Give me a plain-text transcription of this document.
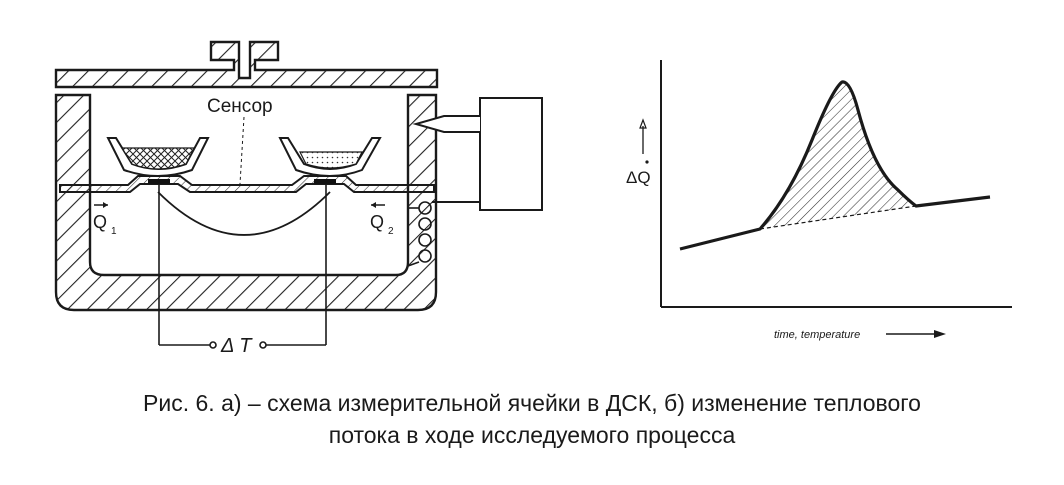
Сенсор
Q 1	Q 2
Δ T
ΔQ
time, temperature
Рис. 6. а) – схема измерительной ячейки в ДСК, б) изменение теплового
потока в ходе исследуемого процесса
